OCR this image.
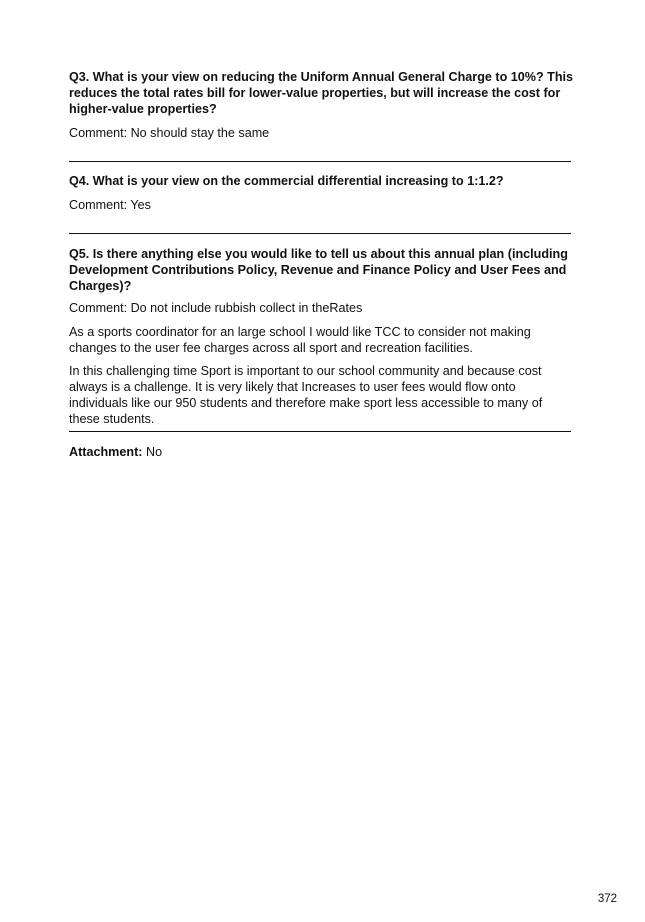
Q3. What is your view on reducing the Uniform Annual General Charge to 10%? This reduces the total rates bill for lower-value properties, but will increase the cost for higher-value properties?

Comment: No should stay the same

Q4. What is your view on the commercial differential increasing to 1:1.2?

Comment: Yes

Q5. Is there anything else you would like to tell us about this annual plan (including Development Contributions Policy, Revenue and Finance Policy and User Fees and Charges)?

Comment: Do not include rubbish collect in theRates

As a sports coordinator for an large school I would like TCC to consider not making changes to the user fee charges across all sport and recreation facilities.

In this challenging time Sport is important to our school community and because cost always is a challenge. It is very likely that Increases to user fees would flow onto individuals like our 950 students and therefore make sport less accessible to many of these students.

Attachment: No

372
